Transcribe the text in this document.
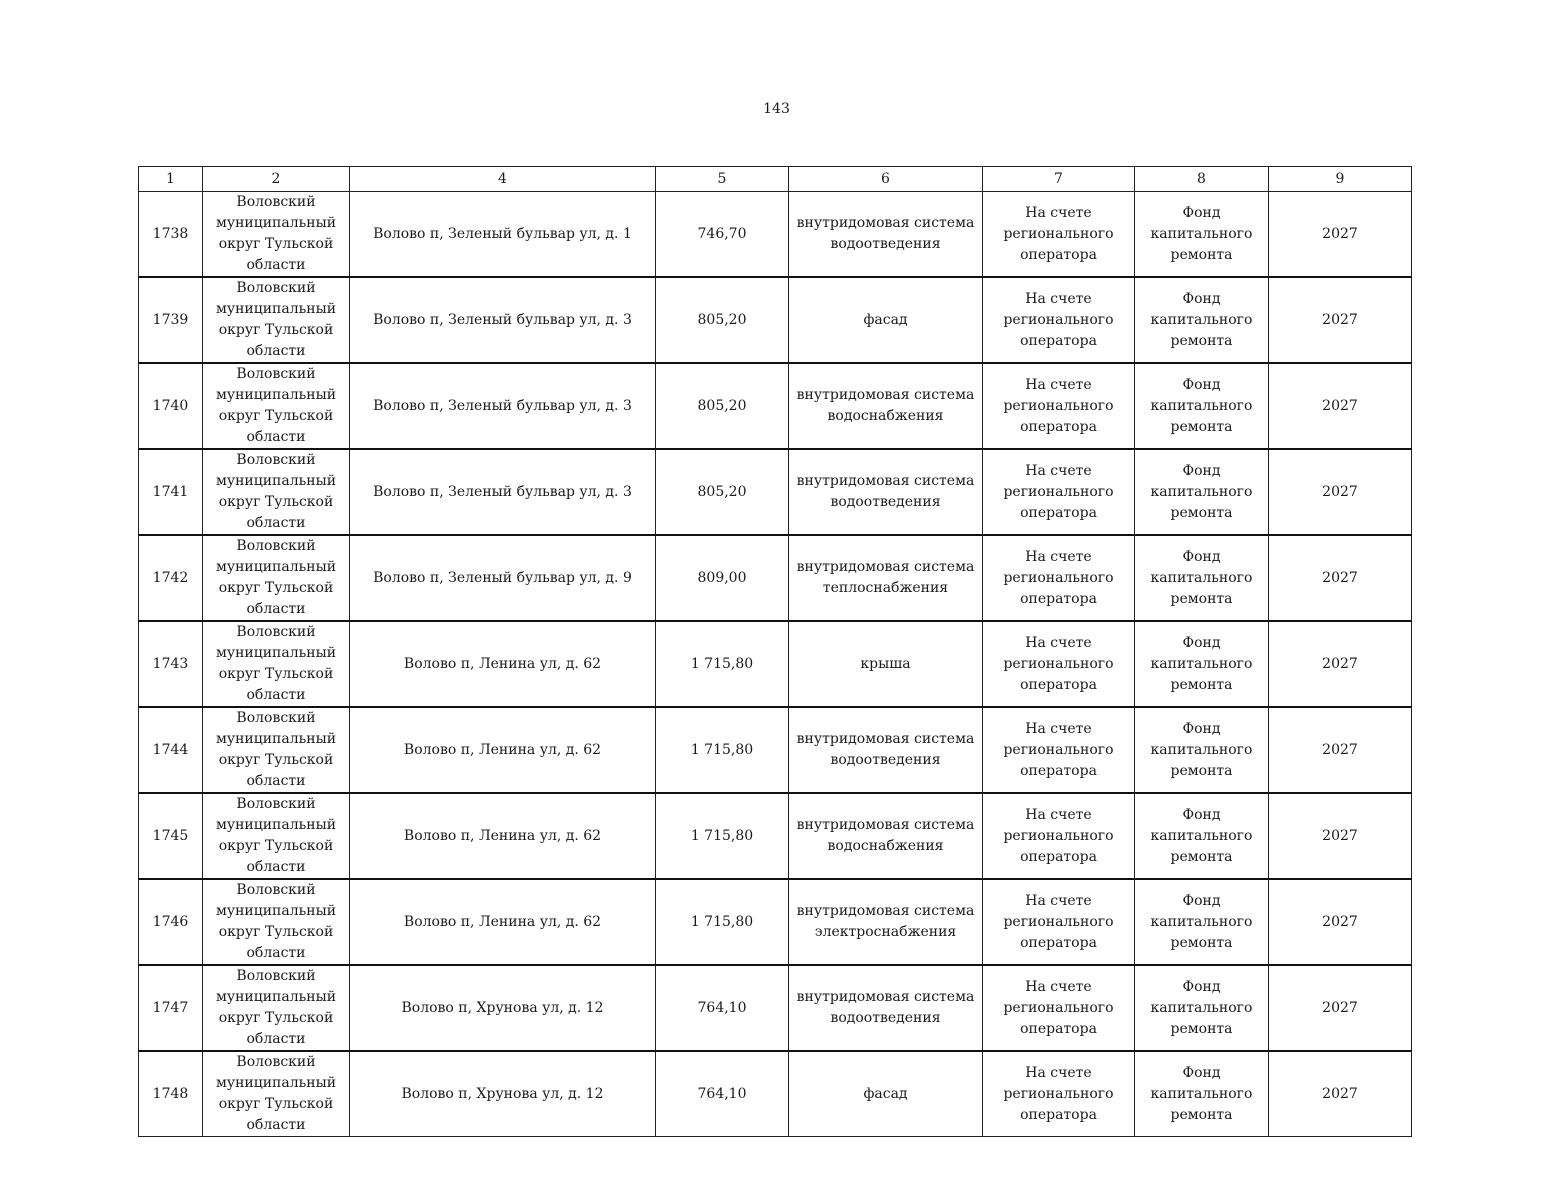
143
1	2	4	5	6	7	8	9
1738	Воловский муниципальный округ Тульской области	Волово п, Зеленый бульвар ул, д. 1	746,70	внутридомовая система водоотведения	На счете регионального оператора	Фонд капитального ремонта	2027
1739	Воловский муниципальный округ Тульской области	Волово п, Зеленый бульвар ул, д. 3	805,20	фасад	На счете регионального оператора	Фонд капитального ремонта	2027
1740	Воловский муниципальный округ Тульской области	Волово п, Зеленый бульвар ул, д. 3	805,20	внутридомовая система водоснабжения	На счете регионального оператора	Фонд капитального ремонта	2027
1741	Воловский муниципальный округ Тульской области	Волово п, Зеленый бульвар ул, д. 3	805,20	внутридомовая система водоотведения	На счете регионального оператора	Фонд капитального ремонта	2027
1742	Воловский муниципальный округ Тульской области	Волово п, Зеленый бульвар ул, д. 9	809,00	внутридомовая система теплоснабжения	На счете регионального оператора	Фонд капитального ремонта	2027
1743	Воловский муниципальный округ Тульской области	Волово п, Ленина ул, д. 62	1 715,80	крыша	На счете регионального оператора	Фонд капитального ремонта	2027
1744	Воловский муниципальный округ Тульской области	Волово п, Ленина ул, д. 62	1 715,80	внутридомовая система водоотведения	На счете регионального оператора	Фонд капитального ремонта	2027
1745	Воловский муниципальный округ Тульской области	Волово п, Ленина ул, д. 62	1 715,80	внутридомовая система водоснабжения	На счете регионального оператора	Фонд капитального ремонта	2027
1746	Воловский муниципальный округ Тульской области	Волово п, Ленина ул, д. 62	1 715,80	внутридомовая система электроснабжения	На счете регионального оператора	Фонд капитального ремонта	2027
1747	Воловский муниципальный округ Тульской области	Волово п, Хрунова ул, д. 12	764,10	внутридомовая система водоотведения	На счете регионального оператора	Фонд капитального ремонта	2027
1748	Воловский муниципальный округ Тульской области	Волово п, Хрунова ул, д. 12	764,10	фасад	На счете регионального оператора	Фонд капитального ремонта	2027
